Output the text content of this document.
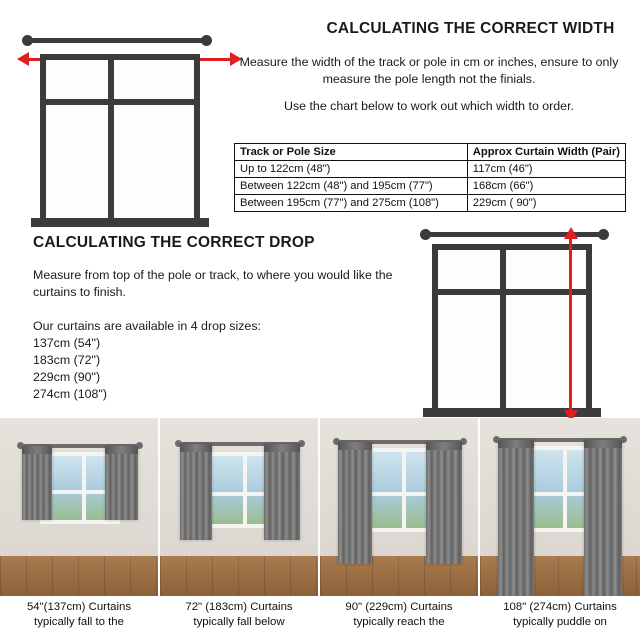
CALCULATING THE CORRECT WIDTH
Measure the width of the track or pole in cm or inches, ensure to only measure the pole length not the finials.
Use the chart below to work out which width to order.
Track or Pole Size	Approx Curtain Width (Pair)
Up to 122cm (48")	117cm (46")
Between 122cm (48") and 195cm (77")	168cm (66")
Between 195cm (77") and 275cm (108")	229cm ( 90")
CALCULATING THE CORRECT DROP
Measure from top of the pole or track, to where you would like the curtains to finish.
Our curtains are available in 4 drop sizes:
137cm (54")
183cm (72")
229cm (90")
274cm (108")
54"(137cm) Curtains
typically fall to the
72" (183cm) Curtains
typically fall below
90" (229cm) Curtains
typically reach the
108" (274cm) Curtains
typically puddle on
